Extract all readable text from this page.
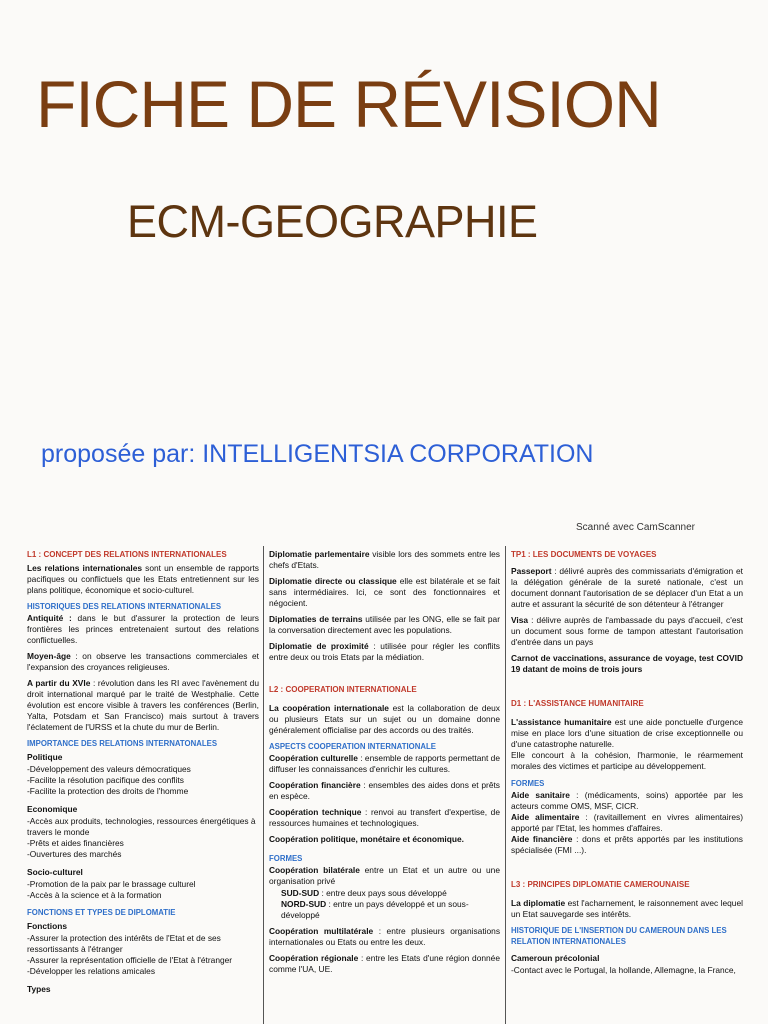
FICHE DE RÉVISION
ECM-GEOGRAPHIE
proposée par: INTELLIGENTSIA CORPORATION
Scanné avec CamScanner
L1 : CONCEPT DES RELATIONS INTERNATIONALES

Les relations internationales sont un ensemble de rapports pacifiques ou conflictuels que les Etats entretiennent sur les plans politique, économique et socio-culturel.

HISTORIQUES DES RELATIONS INTERNATIONALES

Antiquité : dans le but d'assurer la protection de leurs frontières les princes entretenaient surtout des relations conflictuelles.

Moyen-âge : on observe les transactions commerciales et l'expansion des croyances religieuses.

A partir du XVIe : révolution dans les RI avec l'avènement du droit international marqué par le traité de Westphalie. Cette évolution est encore visible à travers les conférences (Berlin, Yalta, Potsdam et San Francisco) mais surtout à travers l'éclatement de l'URSS et la chute du mur de Berlin.

IMPORTANCE DES RELATIONS INTERNATONALES
Politique
-Développement des valeurs démocratiques
-Facilite la résolution pacifique des conflits
-Facilite la protection des droits de l'homme
Economique
-Accès aux produits, technologies, ressources énergétiques à travers le monde
-Prêts et aides financières
-Ouvertures des marchés
Socio-culturel
-Promotion de la paix par le brassage culturel
-Accès à la science et à la formation
FONCTIONS ET TYPES DE DIPLOMATIE
Fonctions
-Assurer la protection des intérêts de l'Etat et de ses ressortissants à l'étranger
-Assurer la représentation officielle de l'Etat à l'étranger
-Développer les relations amicales
Types

Diplomatie parlementaire visible lors des sommets entre les chefs d'Etats.

Diplomatie directe ou classique elle est bilatérale et se fait sans intermédiaires. Ici, ce sont des fonctionnaires et négocient.

Diplomaties de terrains utilisée par les ONG, elle se fait par la conversation directement avec les populations.

Diplomatie de proximité : utilisée pour régler les conflits entre deux ou trois Etats par la médiation.

L2 : COOPERATION INTERNATIONALE

La coopération internationale est la collaboration de deux ou plusieurs Etats sur un sujet ou un domaine donne généralement officialise par des accords ou des traités.

ASPECTS COOPERATION INTERNATIONALE

Coopération culturelle : ensemble de rapports permettant de diffuser les connaissances d'enrichir les cultures.

Coopération financière : ensembles des aides dons et prêts en espèce.

Coopération technique : renvoi au transfert d'expertise, de ressources humaines et technologiques.

Coopération politique, monétaire et économique.

FORMES

Coopération bilatérale entre un Etat et un autre ou une organisation privé

SUD-SUD : entre deux pays sous développé
NORD-SUD : entre un pays développé et un sous-développé

Coopération multilatérale : entre plusieurs organisations internationales ou Etats ou entre les deux.

Coopération régionale : entre les Etats d'une région donnée comme l'UA, UE.

TP1 : LES DOCUMENTS DE VOYAGES

Passeport : délivré auprès des commissariats d'émigration et la délégation générale de la sureté nationale, c'est un document donnant l'autorisation de se déplacer d'un Etat a un autre et assurant la sécurité de son détenteur à l'étranger

Visa : délivre auprès de l'ambassade du pays d'accueil, c'est un document sous forme de tampon attestant l'autorisation d'entrée dans un pays

Carnot de vaccinations, assurance de voyage, test COVID 19 datant de moins de trois jours

D1 : L'ASSISTANCE HUMANITAIRE

L'assistance humanitaire est une aide ponctuelle d'urgence mise en place lors d'une situation de crise exceptionnelle ou d'une catastrophe naturelle.

Elle concourt à la cohésion, l'harmonie, le réarmement morales des victimes et participe au développement.

FORMES

Aide sanitaire : (médicaments, soins) apportée par les acteurs comme OMS, MSF, CICR.

Aide alimentaire : (ravitaillement en vivres alimentaires) apporté par l'Etat, les hommes d'affaires.

Aide financière : dons et prêts apportés par les institutions spécialisée (FMI ...).

L3 : PRINCIPES DIPLOMATIE CAMEROUNAISE

La diplomatie est l'acharnement, le raisonnement avec lequel un Etat sauvegarde ses intérêts.

HISTORIQUE DE L'INSERTION DU CAMEROUN DANS LES RELATION INTERNATIONALES
Cameroun précolonial
-Contact avec le Portugal, la hollande, Allemagne, la France,
